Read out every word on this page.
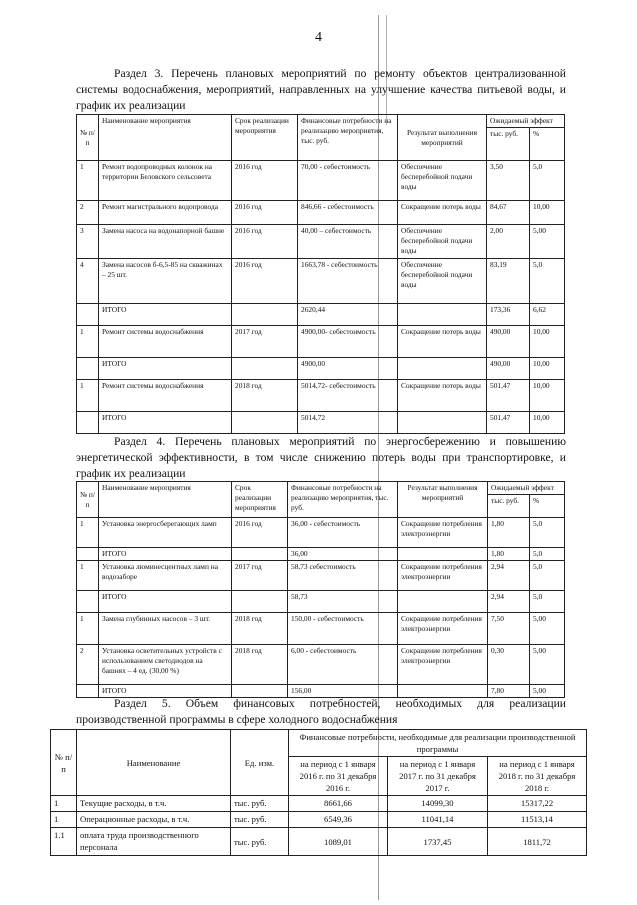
4
Раздел 3. Перечень плановых мероприятий по ремонту объектов централизованной системы водоснабжения, мероприятий, направленных на улучшение качества питьевой воды, и график их реализации
№ п/п	Наименование мероприятия	Срок реализации мероприятия	Финансовые потребности на реализацию мероприятия, тыс. руб.	Результат выполнения мероприятий	Ожидаемый эффект	
					тыс. руб.	%
1	Ремонт водопроводных колонок на территории Беловского сельсовета	2016 год	70,00 - себестоимость	Обеспечение бесперебойной подачи воды	3,50	5,0
2	Ремонт магистрального водопровода	2016 год	846,66 - себестоимость	Сокращение потерь воды	84,67	10,00
3	Замена насоса на водонапорной башне	2016 год	40,00 – себестоимость	Обеспечение бесперебойной подачи воды	2,00	5,00
4	Замена насосов б-6,5-85 на скважинах – 25 шт.	2016 год	1663,78 - себестоимость	Обеспечение бесперебойной подачи воды	83,19	5,0
	ИТОГО		2620,44		173,36	6,62
1	Ремонт системы водоснабжения	2017 год	4900,00- себестоимость	Сокращение потерь воды	490,00	10,00
	ИТОГО		4900,00		490,00	10,00
1	Ремонт системы водоснабжения	2018 год	5014,72- себестоимость	Сокращение потерь воды	501,47	10,00
	ИТОГО		5014,72		501,47	10,00
Раздел 4. Перечень плановых мероприятий по энергосбережению и повышению энергетической эффективности, в том числе снижению потерь воды при транспортировке, и график их реализации
№ п/п	Наименование мероприятия	Срок реализации мероприятия	Финансовые потребности на реализацию мероприятия, тыс. руб.	Результат выполнения мероприятий	Ожидаемый эффект	
					тыс. руб.	%
1	Установка энергосберегающих ламп	2016 год	36,00 - себестоимость	Сокращение потребления электроэнергии	1,80	5,0
	ИТОГО		36,00		1,80	5,0
1	Установка люминесцентных ламп на водозаборе	2017 год	58,73 себестоимость	Сокращение потребления электроэнергии	2,94	5,0
	ИТОГО		58,73		2,94	5,0
1	Замена глубинных насосов – 3 шт.	2018 год	150,00 - себестоимость	Сокращение потребления электроэнергии	7,50	5,00
2	Установка осветительных устройств с использованием светодиодов на башнях – 4 ед. (30,00 %)	2018 год	6,00 - себестоимость	Сокращение потребления электроэнергии	0,30	5,00
	ИТОГО		156,00		7,80	5,00
Раздел 5. Объем финансовых потребностей, необходимых для реализации производственной программы в сфере холодного водоснабжения
№ п/п	Наименование	Ед. изм.	Финансовые потребности, необходимые для реализации производственной программы		
			на период с 1 января 2016 г. по 31 декабря 2016 г.	на период с 1 января 2017 г. по 31 декабря 2017 г.	на период с 1 января 2018 г. по 31 декабря 2018 г.
1	Текущие расходы, в т.ч.	тыс. руб.	8661,66	14099,30	15317,22
1	Операционные расходы, в т.ч.	тыс. руб.	6549,36	11041,14	11513,14
1.1	оплата труда производственного персонала	тыс. руб.	1089,01	1737,45	1811,72
